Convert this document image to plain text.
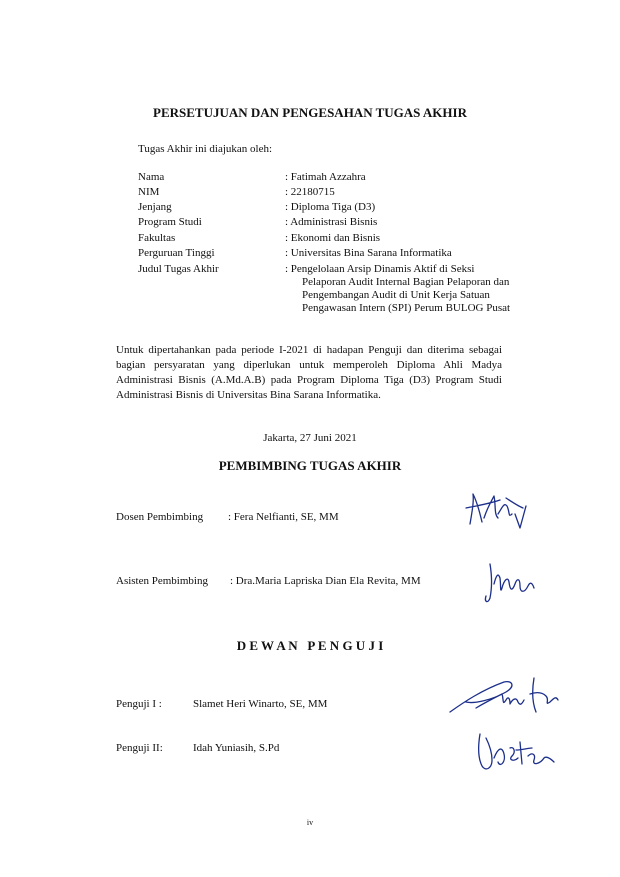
PERSETUJUAN DAN PENGESAHAN TUGAS AKHIR
Tugas Akhir ini diajukan oleh:
Nama	: Fatimah Azzahra
NIM	: 22180715
Jenjang	: Diploma Tiga (D3)
Program Studi	: Administrasi Bisnis
Fakultas	: Ekonomi dan Bisnis
Perguruan Tinggi	: Universitas Bina Sarana Informatika
Judul Tugas Akhir	: Pengelolaan Arsip Dinamis Aktif di Seksi
Pelaporan Audit Internal Bagian Pelaporan dan
Pengembangan Audit di Unit Kerja Satuan
Pengawasan Intern (SPI) Perum BULOG Pusat
Untuk dipertahankan pada periode I-2021 di hadapan Penguji dan diterima sebagai
bagian persyaratan yang diperlukan untuk memperoleh Diploma Ahli Madya
Administrasi Bisnis (A.Md.A.B) pada Program Diploma Tiga (D3) Program Studi
Administrasi Bisnis di Universitas Bina Sarana Informatika.
Jakarta, 27 Juni 2021
PEMBIMBING TUGAS AKHIR
Dosen Pembimbing : Fera Nelfianti, SE, MM
Asisten Pembimbing : Dra.Maria Lapriska Dian Ela Revita, MM
D E W A N   P E N G U J I
Penguji I :	Slamet Heri Winarto, SE, MM
Penguji II:	Idah Yuniasih, S.Pd
iv
